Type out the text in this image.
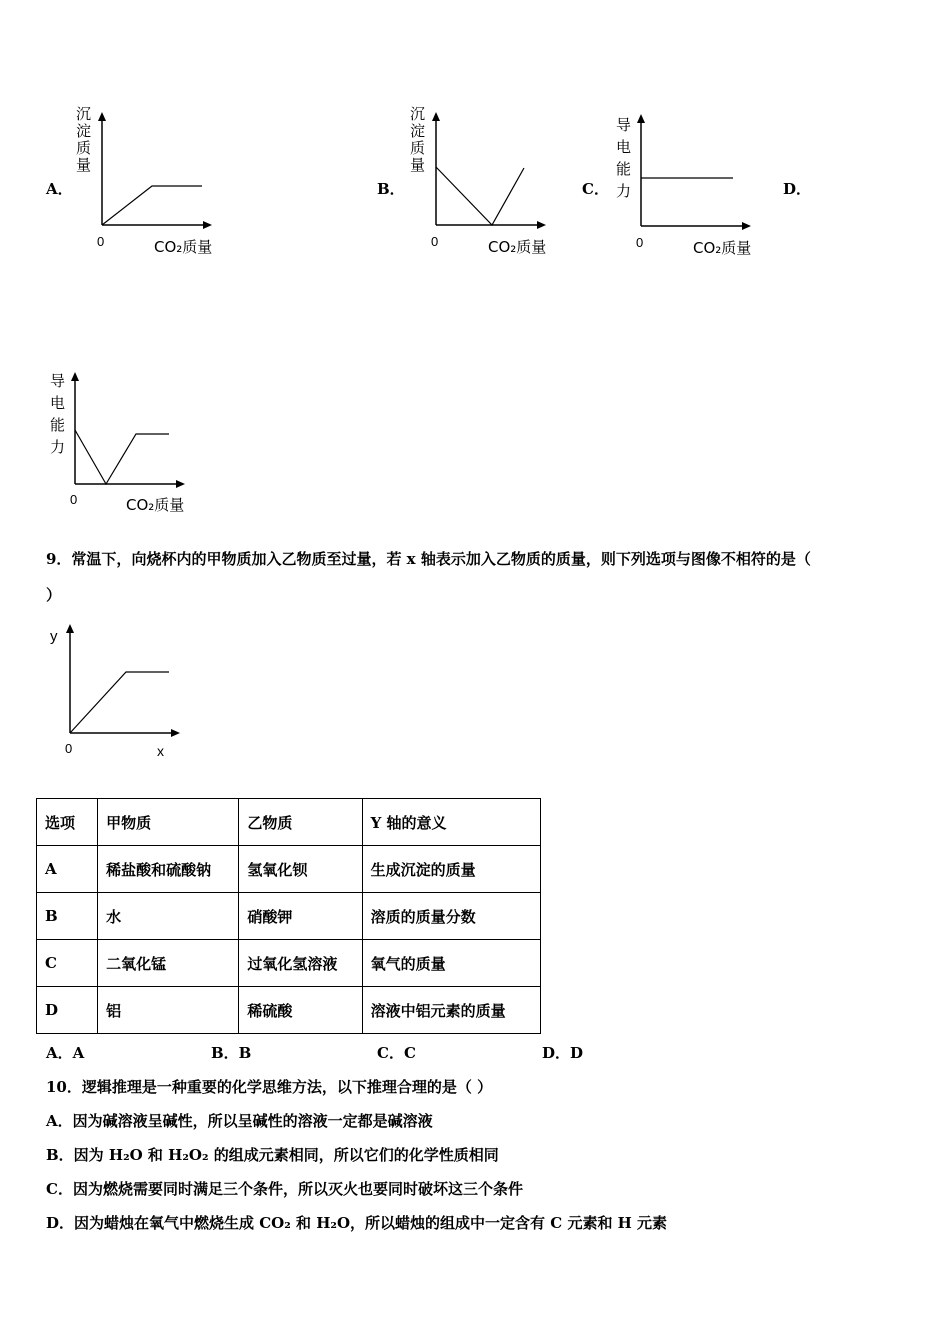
A．	B．	C．	D．
沉
淀
质
量
0	CO₂质量
沉
淀
质
量
0	CO₂质量
导
电
能
力
0	CO₂质量
导
电
能
力
0	CO₂质量
9．常温下，向烧杯内的甲物质加入乙物质至过量，若 x 轴表示加入乙物质的质量，则下列选项与图像不相符的是（
）
y
0	x
选项	甲物质	乙物质	Y 轴的意义
A	稀盐酸和硫酸钠	氢氧化钡	生成沉淀的质量
B	水	硝酸钾	溶质的质量分数
C	二氧化锰	过氧化氢溶液	氧气的质量
D	铝	稀硫酸	溶液中铝元素的质量
A．A	B．B	C．C	D．D
10．逻辑推理是一种重要的化学思维方法，以下推理合理的是（ ）
A．因为碱溶液呈碱性，所以呈碱性的溶液一定都是碱溶液
B．因为 H₂O 和 H₂O₂ 的组成元素相同，所以它们的化学性质相同
C．因为燃烧需要同时满足三个条件，所以灭火也要同时破坏这三个条件
D．因为蜡烛在氧气中燃烧生成 CO₂ 和 H₂O，所以蜡烛的组成中一定含有 C 元素和 H 元素
